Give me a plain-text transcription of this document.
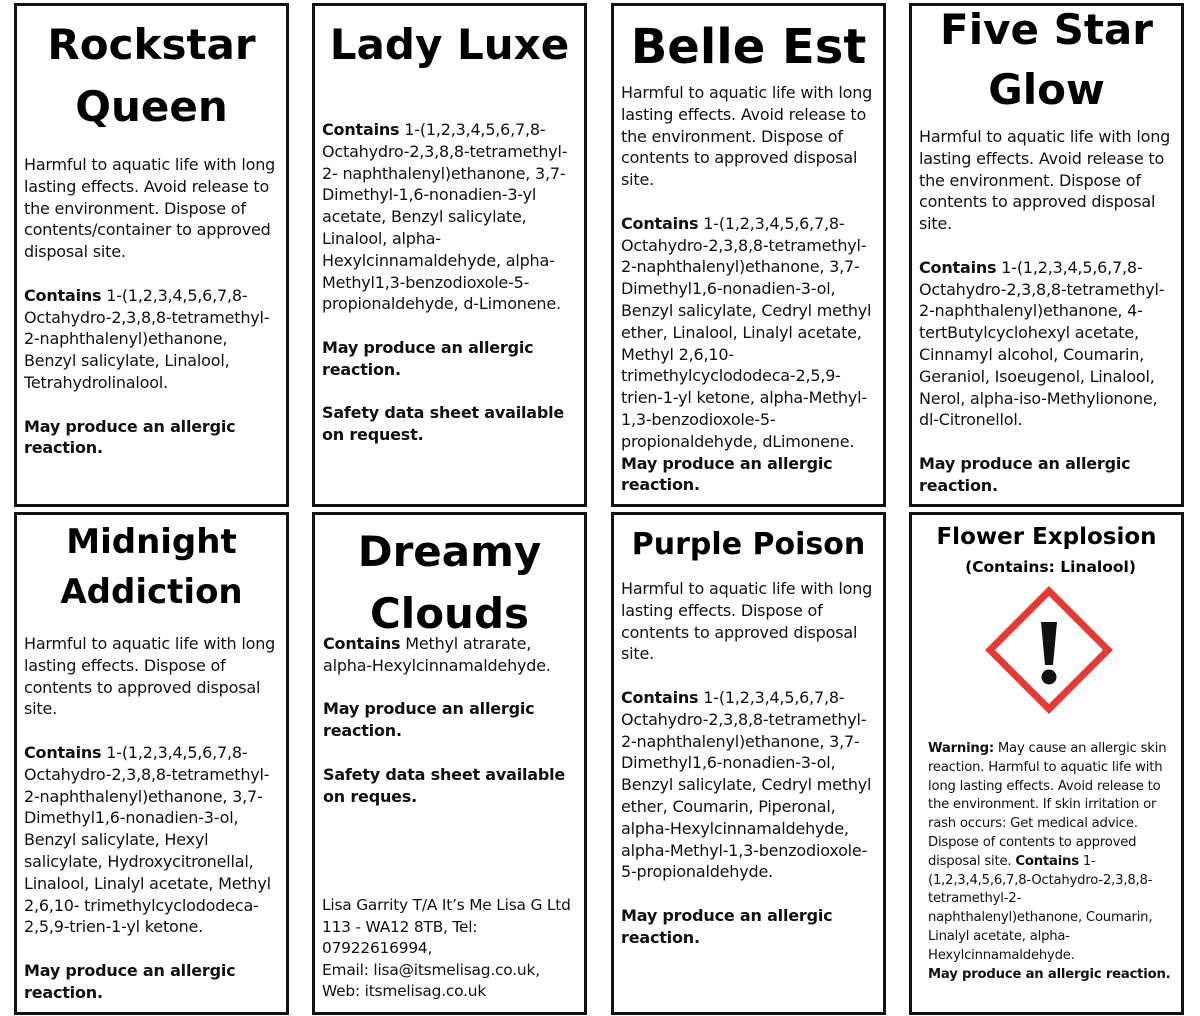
Rockstar
Queen

Harmful to aquatic life with long lasting effects. Avoid release to the environment. Dispose of contents/container to approved disposal site.

Contains 1-(1,2,3,4,5,6,7,8-Octahydro-2,3,8,8-tetramethyl-2-naphthalenyl)ethanone, Benzyl salicylate, Linalool, Tetrahydrolinalool.

May produce an allergic reaction.

Lady Luxe

Contains 1-(1,2,3,4,5,6,7,8-Octahydro-2,3,8,8-tetramethyl-2- naphthalenyl)ethanone, 3,7-Dimethyl-1,6-nonadien-3-yl acetate, Benzyl salicylate, Linalool, alpha-Hexylcinnamaldehyde, alpha-Methyl1,3-benzodioxole-5-propionaldehyde, d-Limonene.

May produce an allergic reaction.

Safety data sheet available on request.

Belle Est

Harmful to aquatic life with long lasting effects. Avoid release to the environment. Dispose of contents to approved disposal site.

Contains 1-(1,2,3,4,5,6,7,8-Octahydro-2,3,8,8-tetramethyl-2-naphthalenyl)ethanone, 3,7-Dimethyl1,6-nonadien-3-ol, Benzyl salicylate, Cedryl methyl ether, Linalool, Linalyl acetate, Methyl 2,6,10-trimethylcyclododeca-2,5,9-trien-1-yl ketone, alpha-Methyl-1,3-benzodioxole-5-propionaldehyde, dLimonene.

May produce an allergic reaction.

Five Star
Glow

Harmful to aquatic life with long lasting effects. Avoid release to the environment. Dispose of contents to approved disposal site.

Contains 1-(1,2,3,4,5,6,7,8-Octahydro-2,3,8,8-tetramethyl-2-naphthalenyl)ethanone, 4-tertButylcyclohexyl acetate, Cinnamyl alcohol, Coumarin, Geraniol, Isoeugenol, Linalool, Nerol, alpha-iso-Methylionone, dl-Citronellol.

May produce an allergic reaction.

Midnight
Addiction

Harmful to aquatic life with long lasting effects. Dispose of contents to approved disposal site.

Contains 1-(1,2,3,4,5,6,7,8-Octahydro-2,3,8,8-tetramethyl-2-naphthalenyl)ethanone, 3,7-Dimethyl1,6-nonadien-3-ol, Benzyl salicylate, Hexyl salicylate, Hydroxycitronellal, Linalool, Linalyl acetate, Methyl 2,6,10- trimethylcyclododeca-2,5,9-trien-1-yl ketone.

May produce an allergic reaction.

Dreamy
Clouds

Contains Methyl atrarate, alpha-Hexylcinnamaldehyde.

May produce an allergic reaction.

Safety data sheet available on reques.

Lisa Garrity T/A It’s Me Lisa G Ltd 113 - WA12 8TB, Tel: 07922616994,
Email: lisa@itsmelisag.co.uk,
Web: itsmelisag.co.uk
Purple Poison

Harmful to aquatic life with long lasting effects. Dispose of contents to approved disposal site.

Contains 1-(1,2,3,4,5,6,7,8-Octahydro-2,3,8,8-tetramethyl-2-naphthalenyl)ethanone, 3,7-Dimethyl1,6-nonadien-3-ol, Benzyl salicylate, Cedryl methyl ether, Coumarin, Piperonal, alpha-Hexylcinnamaldehyde, alpha-Methyl-1,3-benzodioxole-5-propionaldehyde.

May produce an allergic reaction.

Flower Explosion
(Contains: Linalool)

Warning: May cause an allergic skin reaction. Harmful to aquatic life with long lasting effects. Avoid release to the environment. If skin irritation or rash occurs: Get medical advice. Dispose of contents to approved disposal site. Contains 1-(1,2,3,4,5,6,7,8-Octahydro-2,3,8,8-tetramethyl-2-naphthalenyl)ethanone, Coumarin, Linalyl acetate, alpha-Hexylcinnamaldehyde.

May produce an allergic reaction.
